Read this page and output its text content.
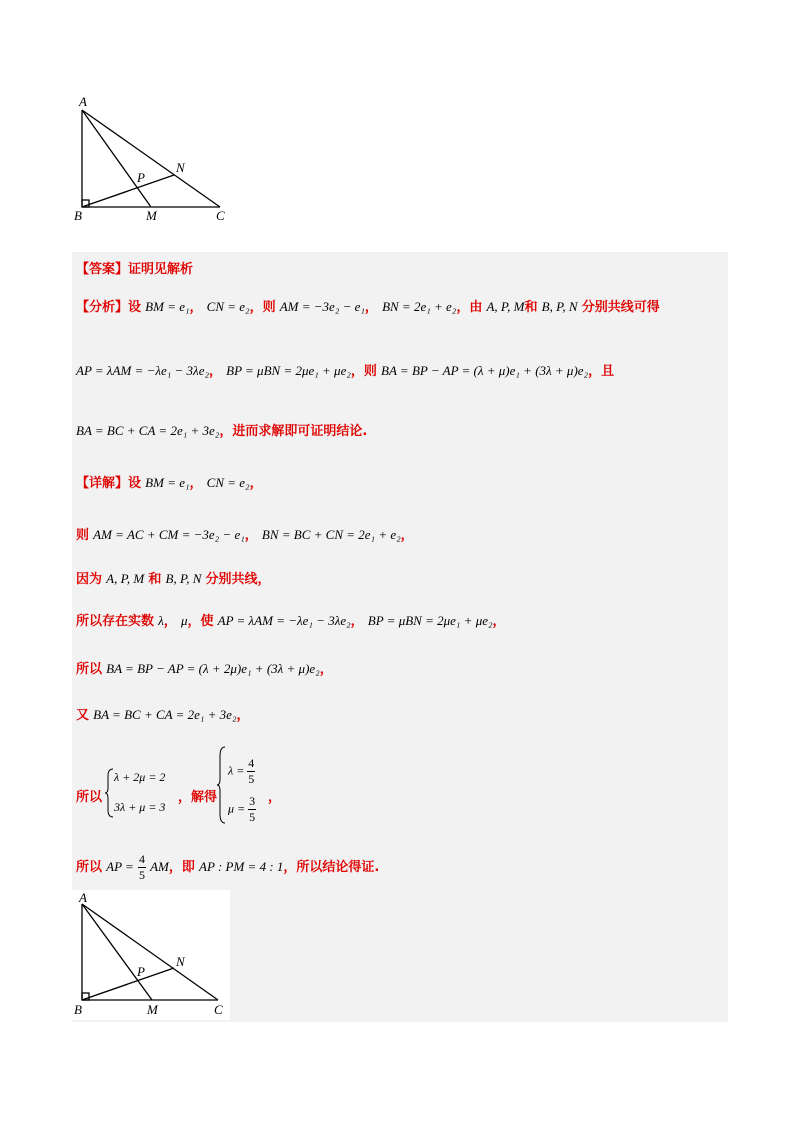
A
N
P
B	M	C
【答案】证明见解析
【分析】设 BM = e₁， CN = e₂，则 AM = −3e₂ − e₁， BN = 2e₁ + e₂，由 A, P, M和 B, P, N 分别共线可得
AP = λAM = −λe₁ − 3λe₂， BP = μBN = 2μe₁ + μe₂，则 BA = BP − AP = (λ + μ)e₁ + (3λ + μ)e₂，且
BA = BC + CA = 2e₁ + 3e₂，进而求解即可证明结论.
【详解】设 BM = e₁， CN = e₂，
则 AM = AC + CM = −3e₂ − e₁， BN = BC + CN = 2e₁ + e₂，
因为 A, P, M 和 B, P, N 分别共线，
所以存在实数 λ， μ，使 AP = λAM = −λe₁ − 3λe₂， BP = μBN = 2μe₁ + μe₂，
所以 BA = BP − AP = (λ + 2μ)e₁ + (3λ + μ)e₂，
又 BA = BC + CA = 2e₁ + 3e₂，
所以
λ + 2μ = 2
3λ + μ = 3
，解得
$\lambda = \frac{4}{5}$
$\mu = \frac{3}{5}$ ，
所以 AP = $\frac{4}{5}$ AM，即 AP : PM = 4 : 1，所以结论得证.
A
N
P
B	M	C
